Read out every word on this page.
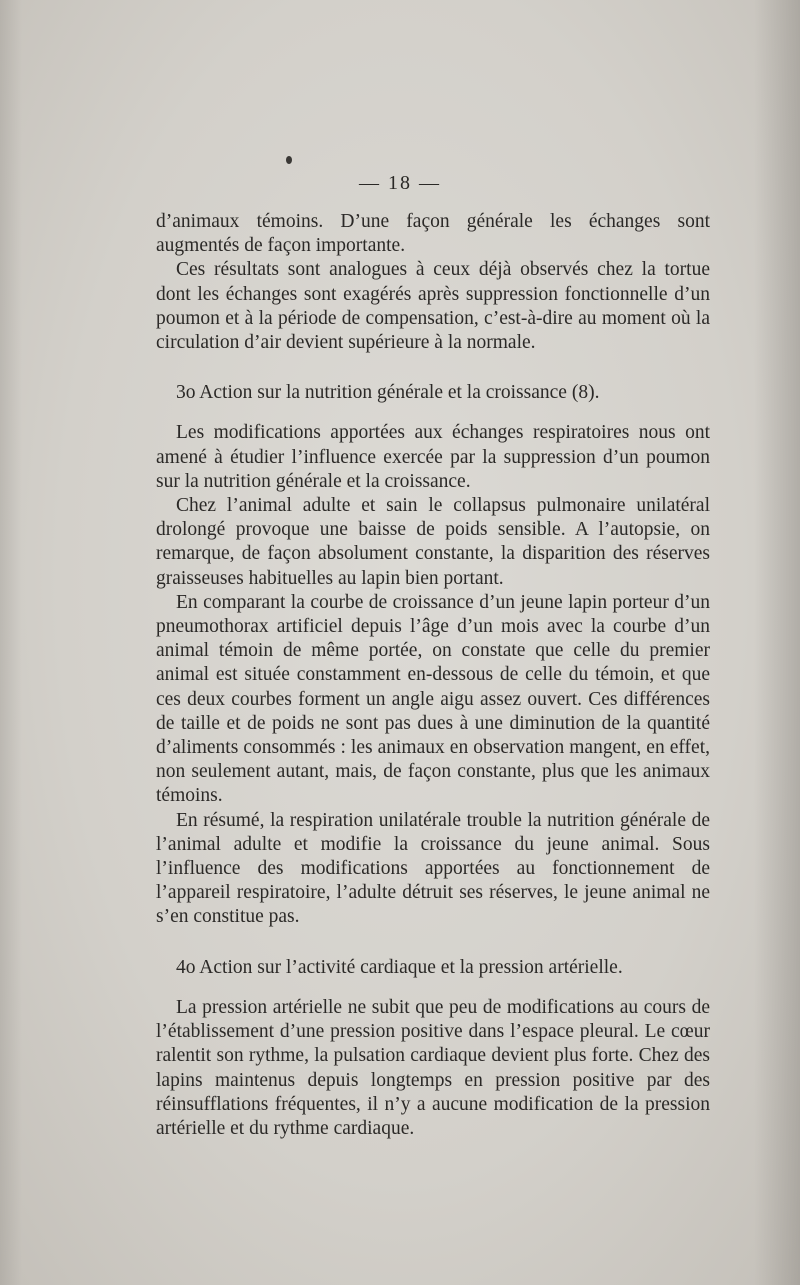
— 18 —

d’animaux témoins. D’une façon générale les échanges sont augmentés de façon importante.

Ces résultats sont analogues à ceux déjà observés chez la tortue dont les échanges sont exagérés après suppression fonctionnelle d’un poumon et à la période de compensation, c’est-à-dire au moment où la circulation d’air devient supérieure à la normale.

3o Action sur la nutrition générale et la croissance (8).

Les modifications apportées aux échanges respiratoires nous ont amené à étudier l’influence exercée par la suppression d’un poumon sur la nutrition générale et la croissance.

Chez l’animal adulte et sain le collapsus pulmonaire unilatéral drolongé provoque une baisse de poids sensible. A l’autopsie, on remarque, de façon absolument constante, la disparition des réserves graisseuses habituelles au lapin bien portant.

En comparant la courbe de croissance d’un jeune lapin porteur d’un pneumothorax artificiel depuis l’âge d’un mois avec la courbe d’un animal témoin de même portée, on constate que celle du premier animal est située constamment en-dessous de celle du témoin, et que ces deux courbes forment un angle aigu assez ouvert. Ces différences de taille et de poids ne sont pas dues à une diminution de la quantité d’aliments consommés : les animaux en observation mangent, en effet, non seulement autant, mais, de façon constante, plus que les animaux témoins.

En résumé, la respiration unilatérale trouble la nutrition générale de l’animal adulte et modifie la croissance du jeune animal. Sous l’influence des modifications apportées au fonctionnement de l’appareil respiratoire, l’adulte détruit ses réserves, le jeune animal ne s’en constitue pas.

4o Action sur l’activité cardiaque et la pression artérielle.

La pression artérielle ne subit que peu de modifications au cours de l’établissement d’une pression positive dans l’espace pleural. Le cœur ralentit son rythme, la pulsation cardiaque devient plus forte. Chez des lapins maintenus depuis longtemps en pression positive par des réinsufflations fréquentes, il n’y a aucune modification de la pression artérielle et du rythme cardiaque.
